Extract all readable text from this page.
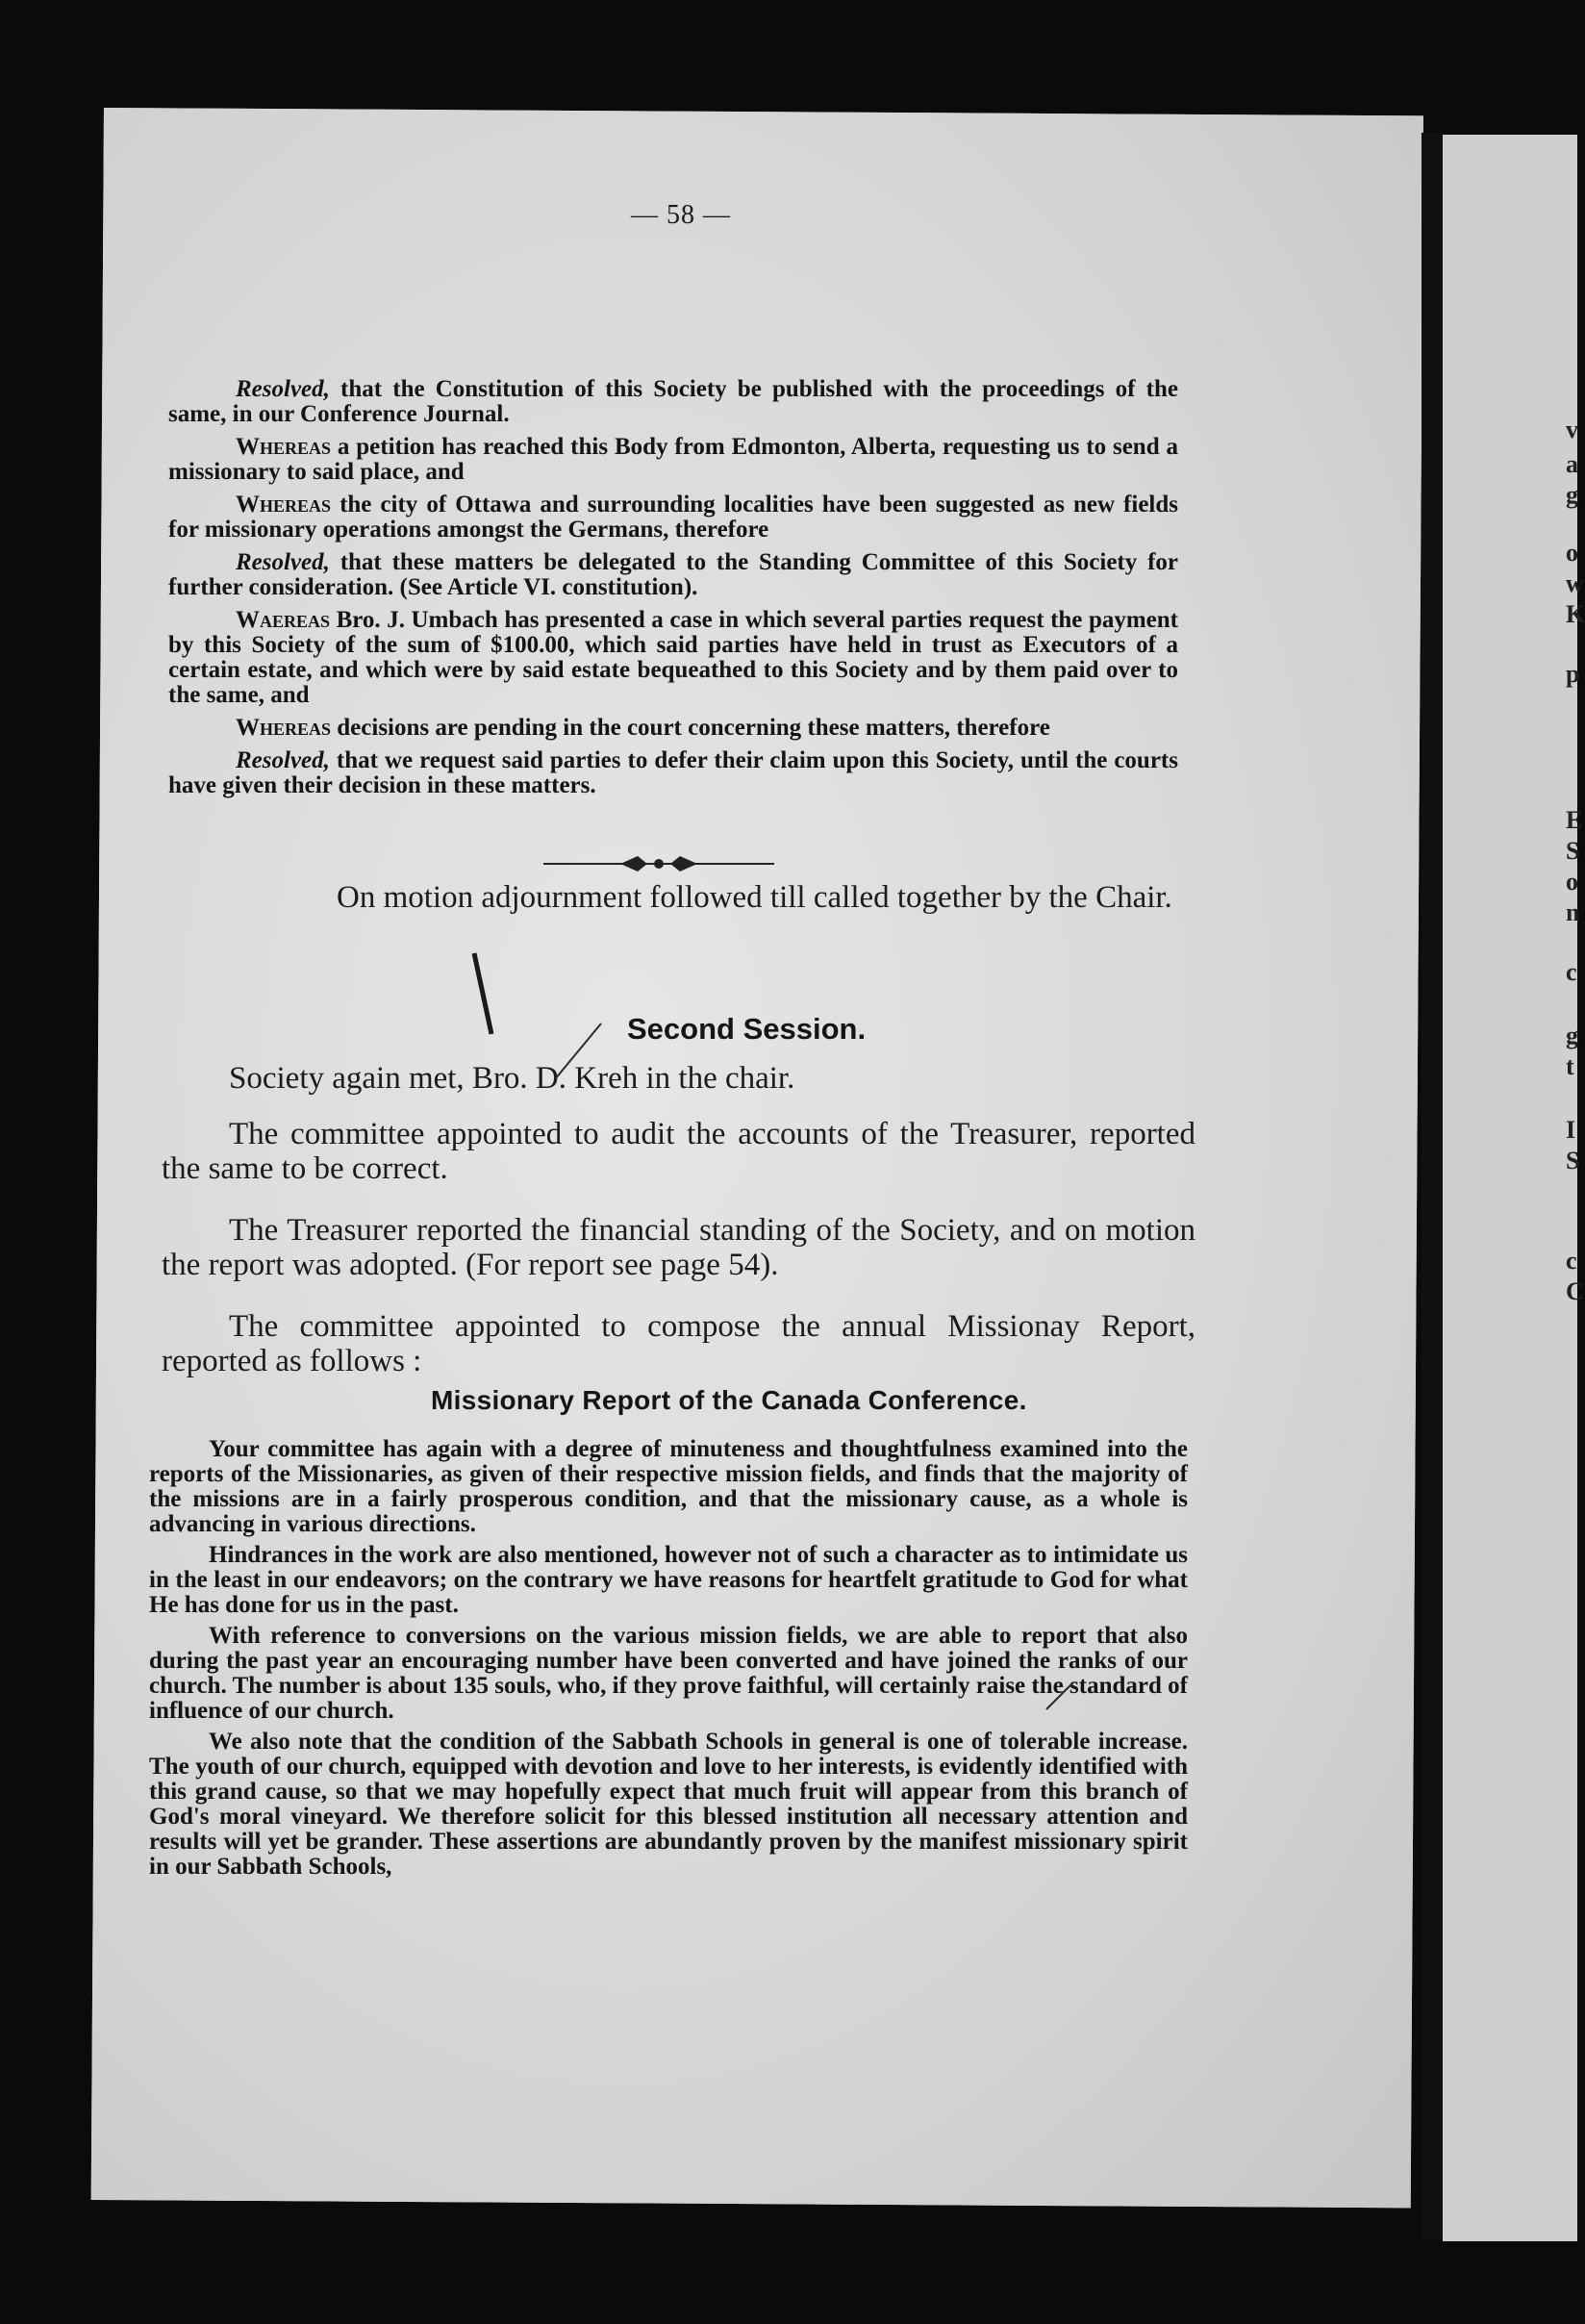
v
a
g
o
w
K
p
E
S
o
n
c
g
t
I
S
c
C
— 58 —

Resolved, that the Constitution of this Society be published with the proceedings of the same, in our Conference Journal.

Whereas a petition has reached this Body from Edmonton, Alberta, requesting us to send a missionary to said place, and

Whereas the city of Ottawa and surrounding localities have been suggested as new fields for missionary operations amongst the Germans, therefore

Resolved, that these matters be delegated to the Standing Committee of this Society for further consideration. (See Article VI. constitution).

Waereas Bro. J. Umbach has presented a case in which several parties request the payment by this Society of the sum of $100.00, which said parties have held in trust as Executors of a certain estate, and which were by said estate bequeathed to this Society and by them paid over to the same, and

Whereas decisions are pending in the court concerning these matters, therefore

Resolved, that we request said parties to defer their claim upon this Society, until the courts have given their decision in these matters.

On motion adjournment followed till called together by the Chair.

Second Session.

Society again met, Bro. D. Kreh in the chair.

The committee appointed to audit the accounts of the Treasurer, reported the same to be correct.

The Treasurer reported the financial standing of the Society, and on motion the report was adopted. (For report see page 54).

The committee appointed to compose the annual Missionay Report, reported as follows :

Missionary Report of the Canada Conference.

Your committee has again with a degree of minuteness and thoughtfulness examined into the reports of the Missionaries, as given of their respective mission fields, and finds that the majority of the missions are in a fairly prosperous condition, and that the missionary cause, as a whole is advancing in various directions.

Hindrances in the work are also mentioned, however not of such a character as to intimidate us in the least in our endeavors; on the contrary we have reasons for heartfelt gratitude to God for what He has done for us in the past.

With reference to conversions on the various mission fields, we are able to report that also during the past year an encouraging number have been converted and have joined the ranks of our church. The number is about 135 souls, who, if they prove faithful, will certainly raise the standard of influence of our church.

We also note that the condition of the Sabbath Schools in general is one of tolerable increase. The youth of our church, equipped with devotion and love to her interests, is evidently identified with this grand cause, so that we may hopefully expect that much fruit will appear from this branch of God's moral vineyard. We therefore solicit for this blessed institution all necessary attention and results will yet be grander. These assertions are abundantly proven by the manifest missionary spirit in our Sabbath Schools,
